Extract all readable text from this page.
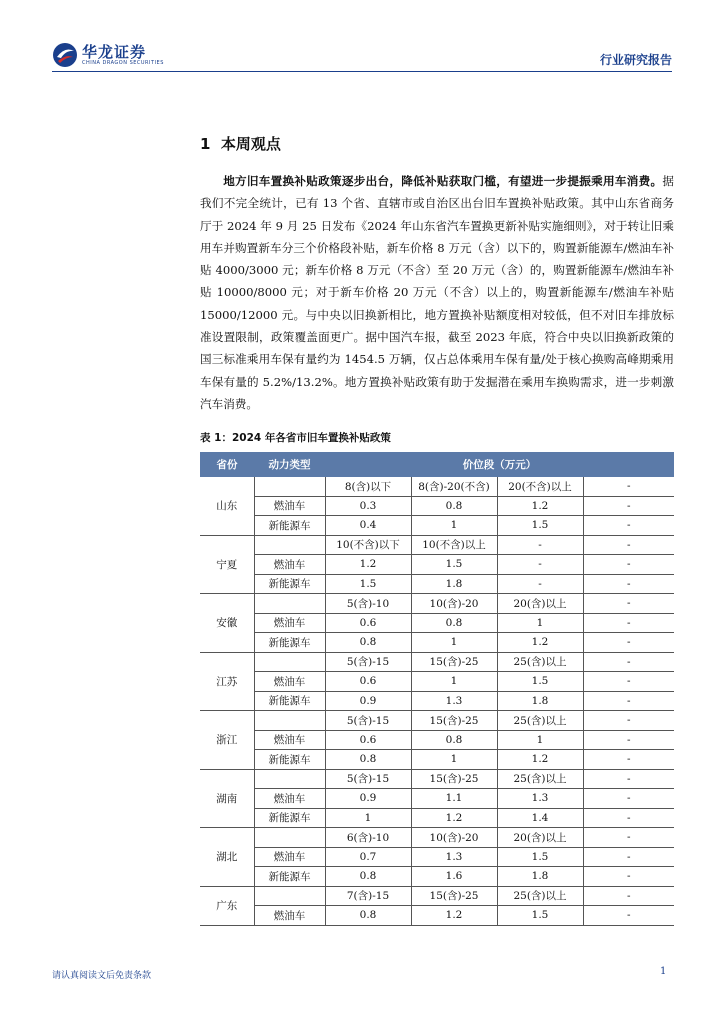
华龙证券
CHINA DRAGON SECURITIES	行业研究报告
1 本周观点
地方旧车置换补贴政策逐步出台，降低补贴获取门槛，有望进一步提振乘用车消费。据我们不完全统计，已有 13 个省、直辖市或自治区出台旧车置换补贴政策。其中山东省商务厅于 2024 年 9 月 25 日发布《2024 年山东省汽车置换更新补贴实施细则》，对于转让旧乘用车并购置新车分三个价格段补贴，新车价格 8 万元（含）以下的，购置新能源车/燃油车补贴 4000/3000 元；新车价格 8 万元（不含）至 20 万元（含）的，购置新能源车/燃油车补贴 10000/8000 元；对于新车价格 20 万元（不含）以上的，购置新能源车/燃油车补贴 15000/12000 元。与中央以旧换新相比，地方置换补贴额度相对较低，但不对旧车排放标准设置限制，政策覆盖面更广。据中国汽车报，截至 2023 年底，符合中央以旧换新政策的国三标准乘用车保有量约为 1454.5 万辆，仅占总体乘用车保有量/处于核心换购高峰期乘用车保有量的 5.2%/13.2%。地方置换补贴政策有助于发掘潜在乘用车换购需求，进一步刺激汽车消费。
表 1：2024 年各省市旧车置换补贴政策
省份	动力类型	价位段（万元）			
山东		8(含)以下	8(含)-20(不含)	20(不含)以上	-
	燃油车	0.3	0.8	1.2	-
	新能源车	0.4	1	1.5	-
宁夏		10(不含)以下	10(不含)以上	-	-
	燃油车	1.2	1.5	-	-
	新能源车	1.5	1.8	-	-
安徽		5(含)-10	10(含)-20	20(含)以上	-
	燃油车	0.6	0.8	1	-
	新能源车	0.8	1	1.2	-
江苏		5(含)-15	15(含)-25	25(含)以上	-
	燃油车	0.6	1	1.5	-
	新能源车	0.9	1.3	1.8	-
浙江		5(含)-15	15(含)-25	25(含)以上	-
	燃油车	0.6	0.8	1	-
	新能源车	0.8	1	1.2	-
湖南		5(含)-15	15(含)-25	25(含)以上	-
	燃油车	0.9	1.1	1.3	-
	新能源车	1	1.2	1.4	-
湖北		6(含)-10	10(含)-20	20(含)以上	-
	燃油车	0.7	1.3	1.5	-
	新能源车	0.8	1.6	1.8	-
广东		7(含)-15	15(含)-25	25(含)以上	-
	燃油车	0.8	1.2	1.5	-
请认真阅读文后免责条款	1
